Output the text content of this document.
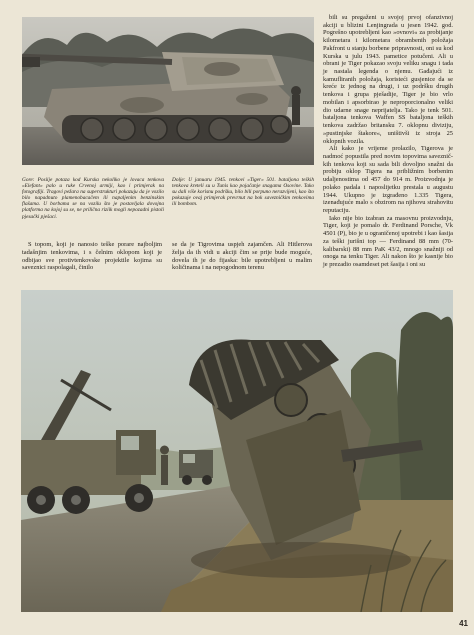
bili su pregaženi u svojoj prvoj ofanzivnoj akciji u blizini Lenjingrada u jesen 1942. god. Pogrešno upotrebljeni kao »ovnovi« za probijanje kilometara i kilometara obrambenih položaja Pakfront u stanju borbene pripravnosti, oni su kod Kurska u julu 1943. pametice potučeni. Ali u obrani je Tiger pokazao svoju veliku snagu i tada je nastala legenda o njemu. Gađajući iz kamufliranih položaja, koristeći gusjenice da se kreće iz jednog na drugi, i uz podršku drugih tenkova i grupa pješadije, Tiger je bio vrlo mobilan i apsorbirao je neproporcionalno veliki dio udarne snage neprijatelja. Tako je tenk 501. bataljona tenkova Waffen SS bataljona teških tenkova zadržao britansku 7. oklopnu diviziju, »pustinjske štakore«, uništivši iz stroja 25 oklopnih vozila.

Ali kako je vrijeme prolazilo, Tigerova je nadmoć popustila pred novim topovima savezničkih tenkova koji su sada bili dovoljno snažni da probiju oklop Tigera na približnim borbenim udaljenostima od 457 do 914 m. Proizvodnja je polako padala i naposlijetku prestala u augustu 1944. Ukupno je izgrađeno 1.335 Tigera, izenađujuće malo s obzirom na njihovu strahovitu reputaciju.

Iako nije bio izabran za masovnu proizvodnju, Tiger, koji je pomalo dr. Ferdinand Porsche, Vk 4501 (P), bio je u ograničenoj upotrebi i kao šasija za teški jurišni top — Ferdinand 88 mm (70-kalibarski) 88 mm PaK 43/2, mnogo snažniji od onoga na tenku Tiger. Ali nakon što je kasnije bio je prezadio osamdeset pet šasija i oni su

Gore: Posiije potaza kod Kurska nekoliko je lovaca tenkova »Elefant« palo u ruke Crvenoj armiji, kao i primjerak na fotografiji. Tragovi pežara na superstrukturi pokazuju da je vozilo bilo napadnuto plamenobacačem ili napalјenim benzinskim flašama. U borbama se na vozilu što je postavljala dovoјna platforma na kojoj su se, ne prilična riziik mogli nepozadni pistoli pjesački pješaci.

Dolje: U januaru 1945. tenkovi »Tiger« 501. bataljona teških tenkova kreteli su u Tunis kao pojačanje snagama Osovine. Tako su dali više korisnu podršku, bilo bili porpuno nerazvijeni, kao što pokazuje ovaj primjerak prevrnut na bok savezničkim tenkovima ili bombom.

S topom, koji je nanosio teške porare najboljim tadašnjim tenkovima, i s čelnim oklopom koji je odbijao sve protivtenkovske projektile kojima su saveznici raspolagali, činilo

se da je Tigrovima uspjeh zajamčen. Ali Hitlerova želja da ih vidi u akciji čim se prije bude moguće, dovela ih je do fijaska: bile upotrebljeni u malim količinama i na nepogodnom terenu

41
